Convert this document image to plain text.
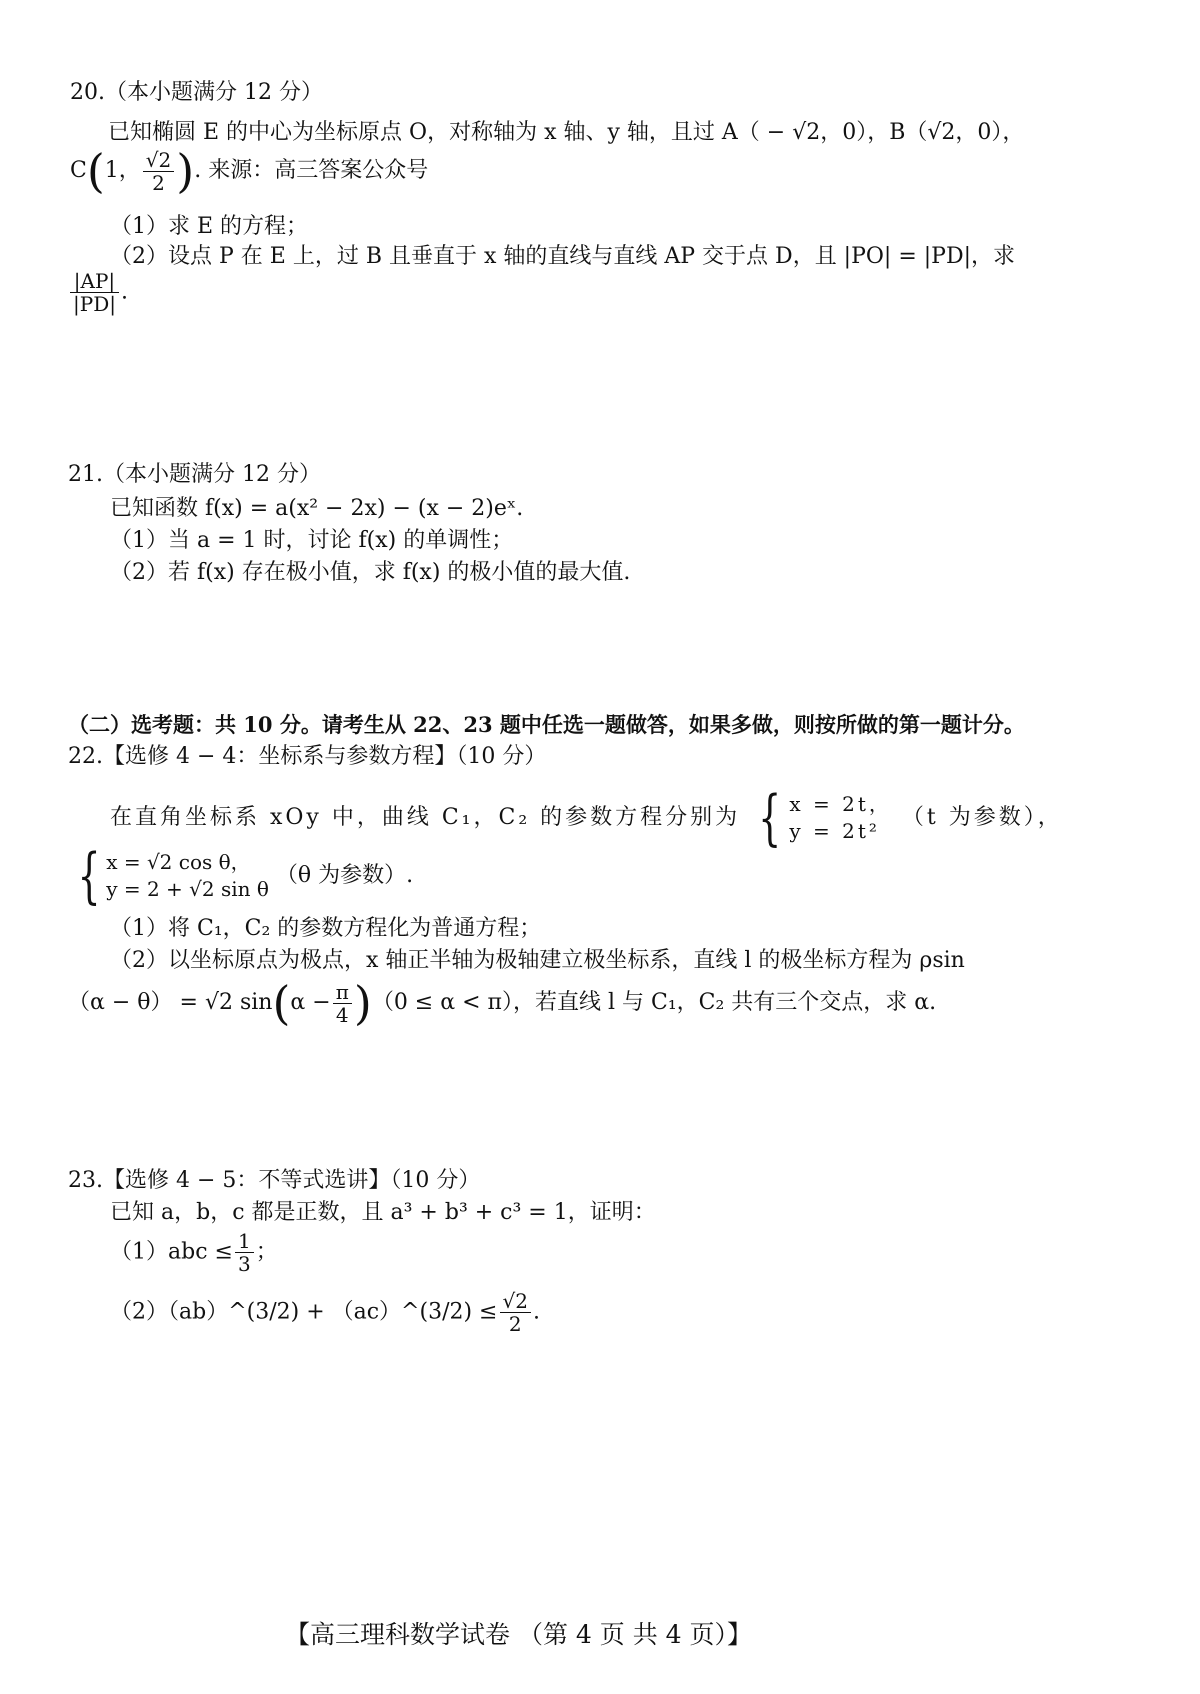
20.（本小题满分 12 分）
已知椭圆 E 的中心为坐标原点 O，对称轴为 x 轴、y 轴，且过 A（ − √2，0），B（√2，0），
C(1， $\frac{√2}{2}$ ). 来源：高三答案公众号
（1）求 E 的方程；
（2）设点 P 在 E 上，过 B 且垂直于 x 轴的直线与直线 AP 交于点 D，且 |PO| = |PD|，求
$\frac{|AP|}{|PD|}$ .
21.（本小题满分 12 分）
已知函数 f(x) = a(x² − 2x) − (x − 2)eˣ.
（1）当 a = 1 时，讨论 f(x) 的单调性；
（2）若 f(x) 存在极小值，求 f(x) 的极小值的最大值.
（二）选考题：共 10 分。请考生从 22、23 题中任选一题做答，如果多做，则按所做的第一题计分。
22.【选修 4 − 4：坐标系与参数方程】（10 分）
在直角坐标系 xOy 中，曲线 C₁，C₂ 的参数方程分别为 { x = 2t，
y = 2t²
（t 为参数），
{ x = √2 cos θ，
y = 2 + √2 sin θ
（θ 为参数）.
（1）将 C₁，C₂ 的参数方程化为普通方程；
（2）以坐标原点为极点，x 轴正半轴为极轴建立极坐标系，直线 l 的极坐标方程为 ρsin
（α − θ） = √2 $\sin(\alpha - \frac{\pi}{4} )(0 \le \alpha < \pi)$，若直线 l 与 C₁，C₂ 共有三个交点，求 α.
23.【选修 4 − 5：不等式选讲】（10 分）
已知 a，b，c 都是正数，且 a³ + b³ + c³ = 1，证明：
$(1)abc \le \frac{1}{3}$ ；
（2）（ab）^(3/2) + （ac）^(3/2) ≤ $\frac{√2}{2}$ .
【高三理科数学试卷 （第 4 页 共 4 页）】
